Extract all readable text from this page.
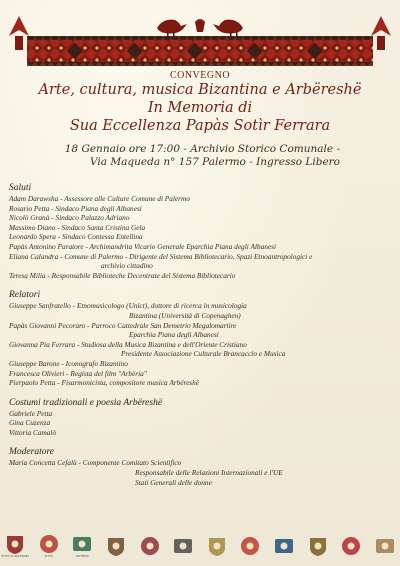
CONVEGNO
Arte, cultura, musica Bizantina e Arbëreshë
In Memoria di
Sua Eccellenza Papàs Sotìr Ferrara
18 Gennaio ore 17:00 - Archivio Storico Comunale -
Via Maqueda n° 157 Palermo - Ingresso Libero
Saluti
Adam Darawsha - Assessore alle Culture Comune di Palermo
Rosario Petta - Sindaco Piana degli Albanesi
Nicolò Granà - Sindaco Palazzo Adriano
Massimo Diano - Sindaco Santa Cristina Gela
Leonardo Spera - Sindaco Contessa Entellina
Papàs Antonino Paratore - Archimandrita Vicario Generale Eparchia Piana degli Albanesi
Eliana Calandra - Comune di Palermo - Dirigente del Sistema Bibliotecario, Spazi Etnoantropologici e
archivio cittadino
Teresa Milia - Responsabile Biblioteche Decentrate del Sistema Bibliotecario
Relatori
Giuseppe Sanfratello - Etnomusicologo (Unict), dottore di ricerca in musicologia
Bizantina (Università di Copenaghen)
Papàs Giovanni Pecoraro - Parroco Cattedrale San Demetrio Megalomartire
Eparchia Piana degli Albanesi
Giovanna Pia Ferrara - Studiosa della Musica Bizantina e dell'Oriente Cristiano
Presidente Associazione Culturale Brancaccio e Musica
Giuseppe Barone - Iconografo Bizantino
Francesca Olivieri - Regista del film "Arbëria"
Pierpaolo Petta - Fisarmonicista, compositore musica Arbëreshë
Costumi tradizionali e poesia Arbëreshë
Gabriele Petta
Gina Cuzenza
Vittoria Camalò
Moderatore
Maria Concetta Cefalù - Componente Comitato Scientifico
Responsabile delle Relazioni Internazionali e l'UE
Stati Generali delle donne
CITTÀ DI PALERMO	SITTA	SISTEMA
